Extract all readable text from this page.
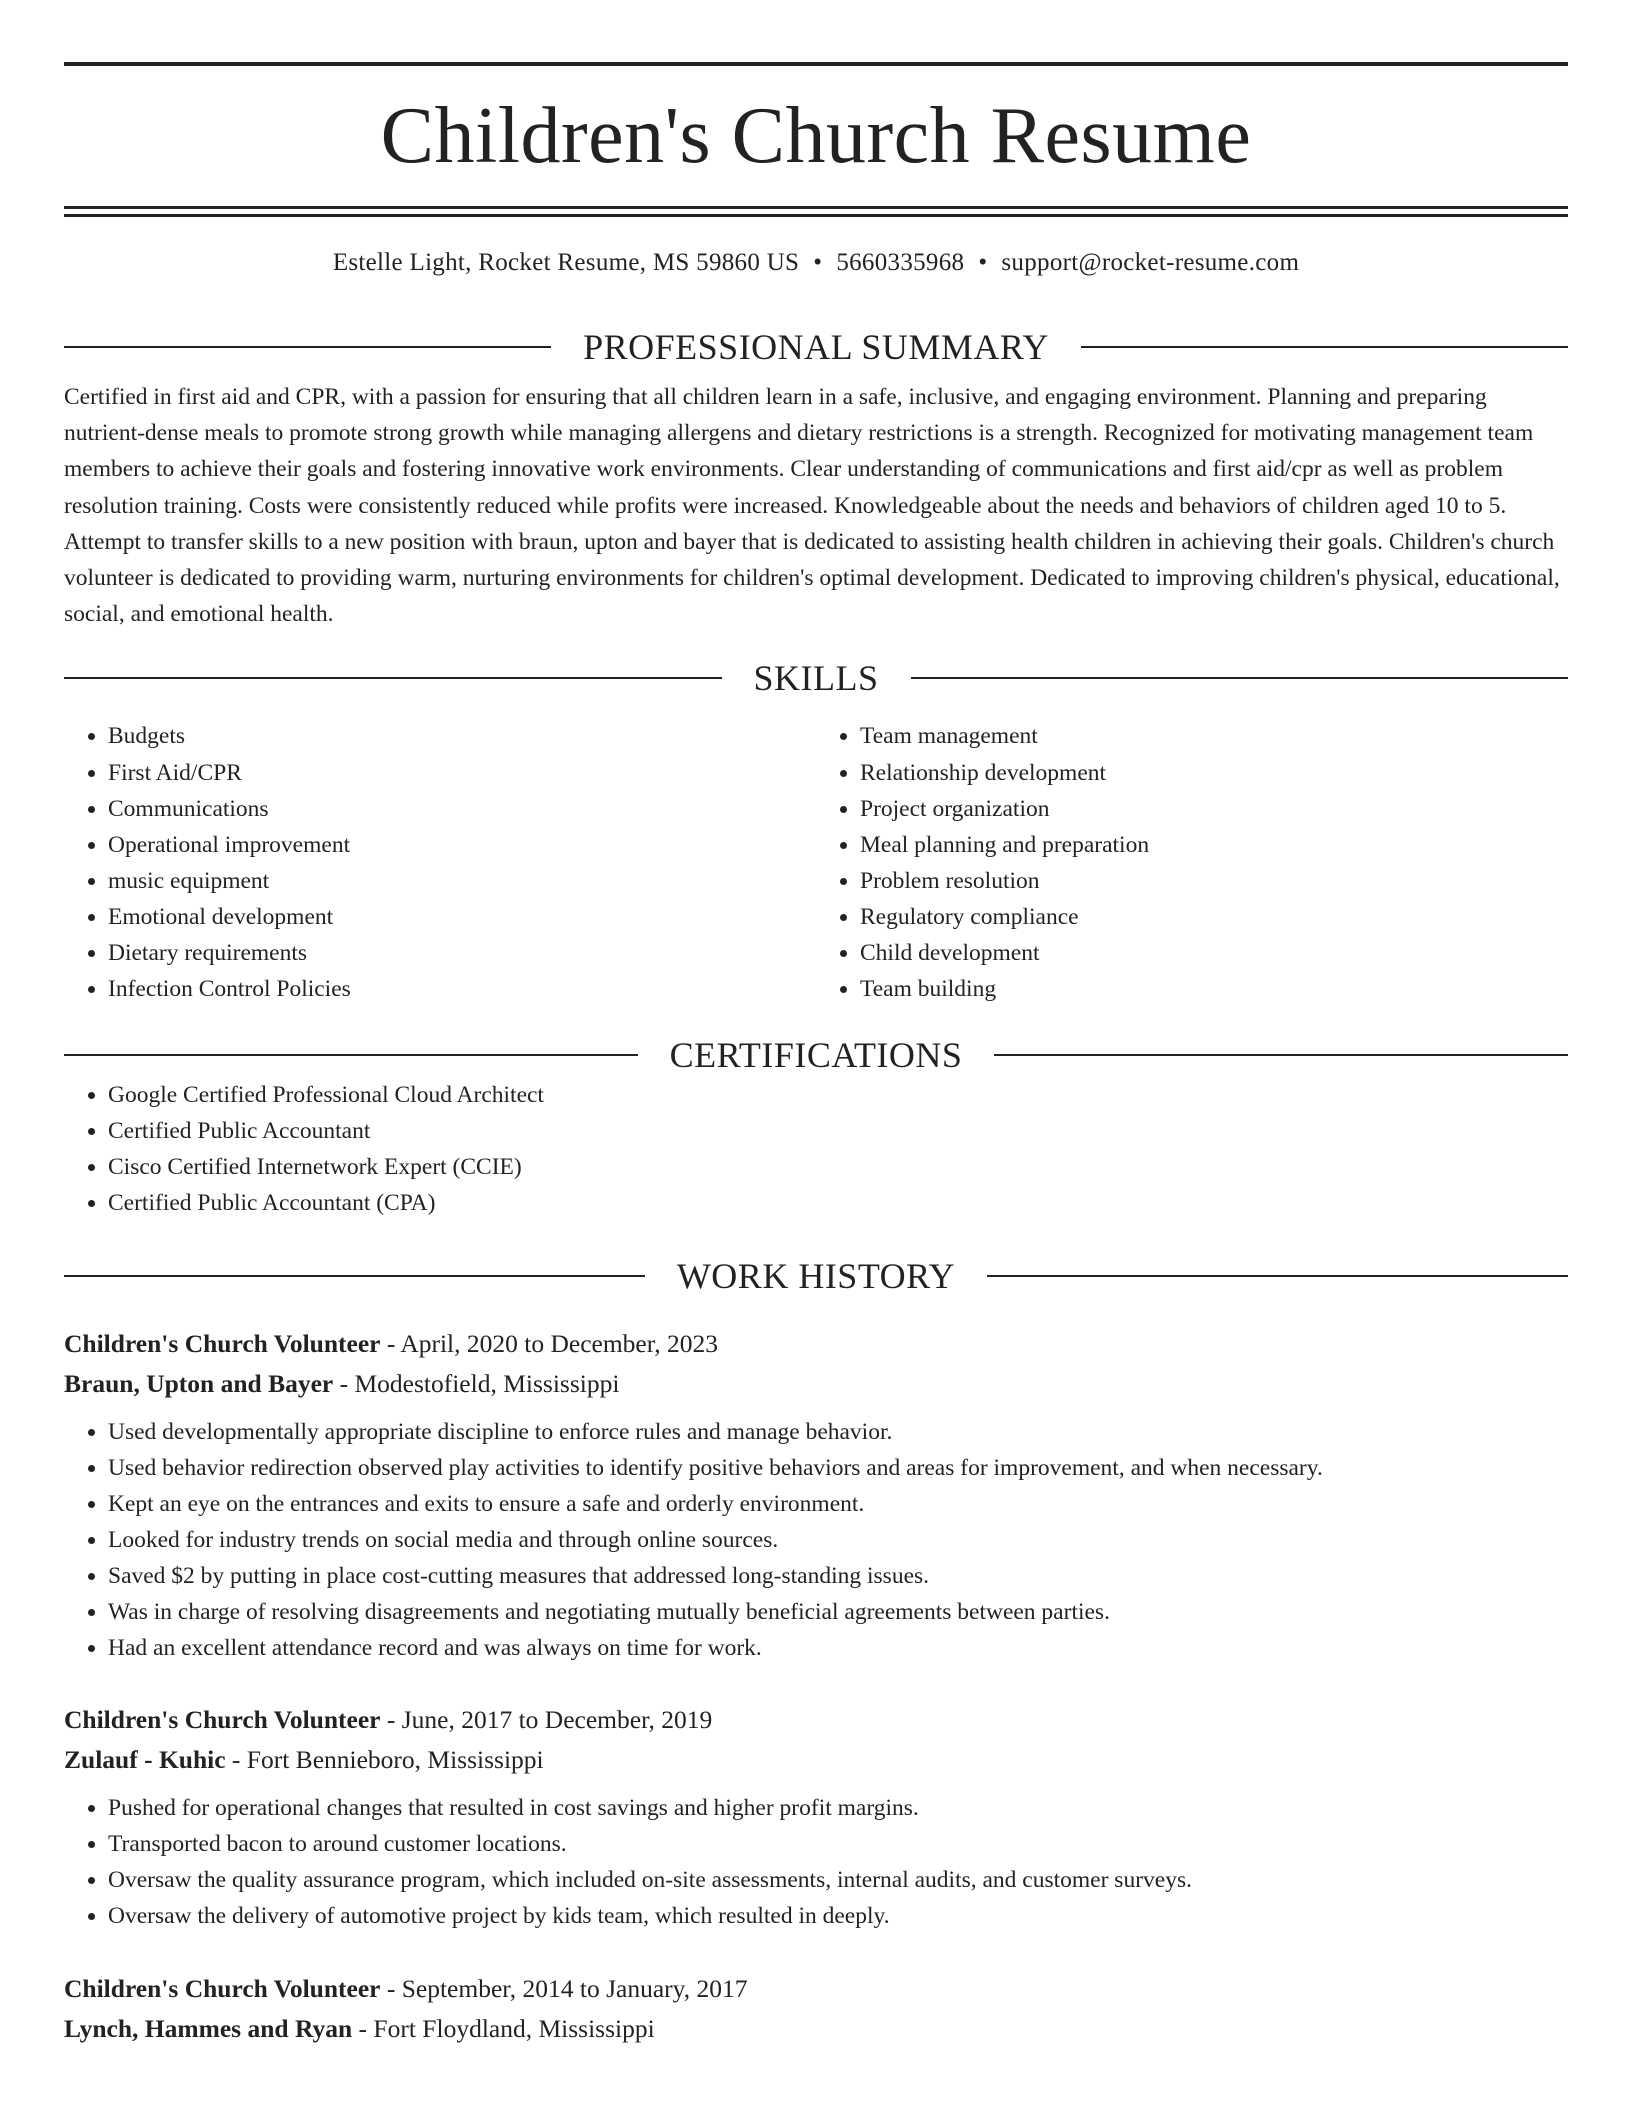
Children's Church Resume
Estelle Light, Rocket Resume, MS 59860 US • 5660335968 • support@rocket-resume.com
PROFESSIONAL SUMMARY

Certified in first aid and CPR, with a passion for ensuring that all children learn in a safe, inclusive, and engaging environment. Planning and preparing nutrient-dense meals to promote strong growth while managing allergens and dietary restrictions is a strength. Recognized for motivating management team members to achieve their goals and fostering innovative work environments. Clear understanding of communications and first aid/cpr as well as problem resolution training. Costs were consistently reduced while profits were increased. Knowledgeable about the needs and behaviors of children aged 10 to 5. Attempt to transfer skills to a new position with braun, upton and bayer that is dedicated to assisting health children in achieving their goals. Children's church volunteer is dedicated to providing warm, nurturing environments for children's optimal development. Dedicated to improving children's physical, educational, social, and emotional health.

SKILLS
• Budgets
• First Aid/CPR
• Communications
• Operational improvement
• music equipment
• Emotional development
• Dietary requirements
• Infection Control Policies
• Team management
• Relationship development
• Project organization
• Meal planning and preparation
• Problem resolution
• Regulatory compliance
• Child development
• Team building
CERTIFICATIONS
• Google Certified Professional Cloud Architect
• Certified Public Accountant
• Cisco Certified Internetwork Expert (CCIE)
• Certified Public Accountant (CPA)
WORK HISTORY
Children's Church Volunteer - April, 2020 to December, 2023
Braun, Upton and Bayer - Modestofield, Mississippi
• Used developmentally appropriate discipline to enforce rules and manage behavior.
• Used behavior redirection observed play activities to identify positive behaviors and areas for improvement, and when necessary.
• Kept an eye on the entrances and exits to ensure a safe and orderly environment.
• Looked for industry trends on social media and through online sources.
• Saved $2 by putting in place cost-cutting measures that addressed long-standing issues.
• Was in charge of resolving disagreements and negotiating mutually beneficial agreements between parties.
• Had an excellent attendance record and was always on time for work.
Children's Church Volunteer - June, 2017 to December, 2019
Zulauf - Kuhic - Fort Bennieboro, Mississippi
• Pushed for operational changes that resulted in cost savings and higher profit margins.
• Transported bacon to around customer locations.
• Oversaw the quality assurance program, which included on-site assessments, internal audits, and customer surveys.
• Oversaw the delivery of automotive project by kids team, which resulted in deeply.
Children's Church Volunteer - September, 2014 to January, 2017
Lynch, Hammes and Ryan - Fort Floydland, Mississippi
